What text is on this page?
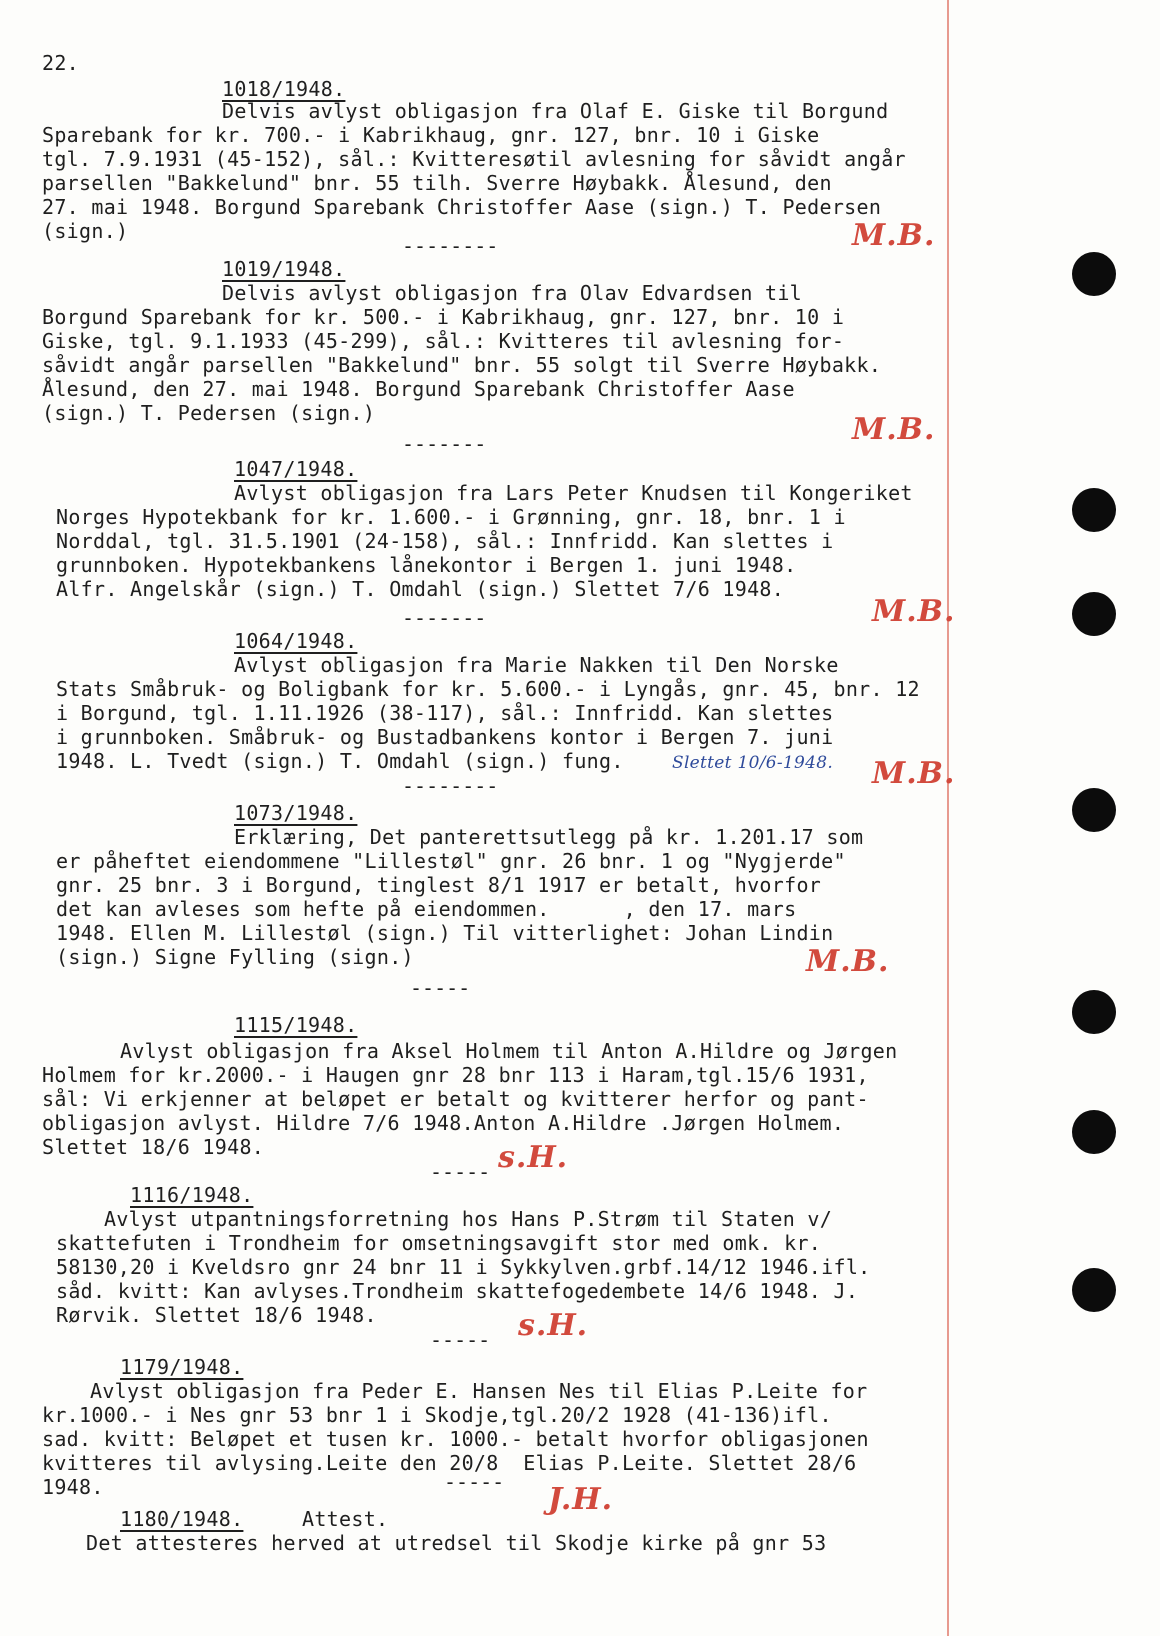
22.
1018/1948.
Delvis avlyst obligasjon fra Olaf E. Giske til Borgund
Sparebank for kr. 700.- i Kabrikhaug, gnr. 127, bnr. 10 i Giske
tgl. 7.9.1931 (45-152), sål.: Kvitteresøtil avlesning for såvidt angår
parsellen "Bakkelund" bnr. 55 tilh. Sverre Høybakk. Ålesund, den
27. mai 1948. Borgund Sparebank Christoffer Aase (sign.) T. Pedersen
(sign.)
--------	M.B.
1019/1948.
Delvis avlyst obligasjon fra Olav Edvardsen til
Borgund Sparebank for kr. 500.- i Kabrikhaug, gnr. 127, bnr. 10 i
Giske, tgl. 9.1.1933 (45-299), sål.: Kvitteres til avlesning for-
såvidt angår parsellen "Bakkelund" bnr. 55 solgt til Sverre Høybakk.
Ålesund, den 27. mai 1948. Borgund Sparebank Christoffer Aase
(sign.) T. Pedersen (sign.)
-------	M.B.
1047/1948.
Avlyst obligasjon fra Lars Peter Knudsen til Kongeriket
Norges Hypotekbank for kr. 1.600.- i Grønning, gnr. 18, bnr. 1 i
Norddal, tgl. 31.5.1901 (24-158), sål.: Innfridd. Kan slettes i
grunnboken. Hypotekbankens lånekontor i Bergen 1. juni 1948.
Alfr. Angelskår (sign.) T. Omdahl (sign.) Slettet 7/6 1948.
-------	M.B.
1064/1948.
Avlyst obligasjon fra Marie Nakken til Den Norske
Stats Småbruk- og Boligbank for kr. 5.600.- i Lyngås, gnr. 45, bnr. 12
i Borgund, tgl. 1.11.1926 (38-117), sål.: Innfridd. Kan slettes
i grunnboken. Småbruk- og Bustadbankens kontor i Bergen 7. juni
1948. L. Tvedt (sign.) T. Omdahl (sign.) fung.	Slettet 10/6-1948.
--------	M.B.
1073/1948.
Erklæring, Det panterettsutlegg på kr. 1.201.17 som
er påheftet eiendommene "Lillestøl" gnr. 26 bnr. 1 og "Nygjerde"
gnr. 25 bnr. 3 i Borgund, tinglest 8/1 1917 er betalt, hvorfor
det kan avleses som hefte på eiendommen.      , den 17. mars
1948. Ellen M. Lillestøl (sign.) Til vitterlighet: Johan Lindin
(sign.) Signe Fylling (sign.)
-----
M.B.
1115/1948.
Avlyst obligasjon fra Aksel Holmem til Anton A.Hildre og Jørgen
Holmem for kr.2000.- i Haugen gnr 28 bnr 113 i Haram,tgl.15/6 1931,
sål: Vi erkjenner at beløpet er betalt og kvitterer herfor og pant-
obligasjon avlyst. Hildre 7/6 1948.Anton A.Hildre .Jørgen Holmem.
Slettet 18/6 1948.
----- s.H.
1116/1948.
Avlyst utpantningsforretning hos Hans P.Strøm til Staten v/
skattefuten i Trondheim for omsetningsavgift stor med omk. kr.
58130,20 i Kveldsro gnr 24 bnr 11 i Sykkylven.grbf.14/12 1946.ifl.
såd. kvitt: Kan avlyses.Trondheim skattefogedembete 14/6 1948. J.
Rørvik. Slettet 18/6 1948.
----- s.H.
1179/1948.
Avlyst obligasjon fra Peder E. Hansen Nes til Elias P.Leite for
kr.1000.- i Nes gnr 53 bnr 1 i Skodje,tgl.20/2 1928 (41-136)ifl.
sad. kvitt: Beløpet et tusen kr. 1000.- betalt hvorfor obligasjonen
kvitteres til avlysing.Leite den 20/8  Elias P.Leite. Slettet 28/6
1948.	----- J.H.
1180/1948.	Attest.
Det attesteres herved at utredsel til Skodje kirke på gnr 53
